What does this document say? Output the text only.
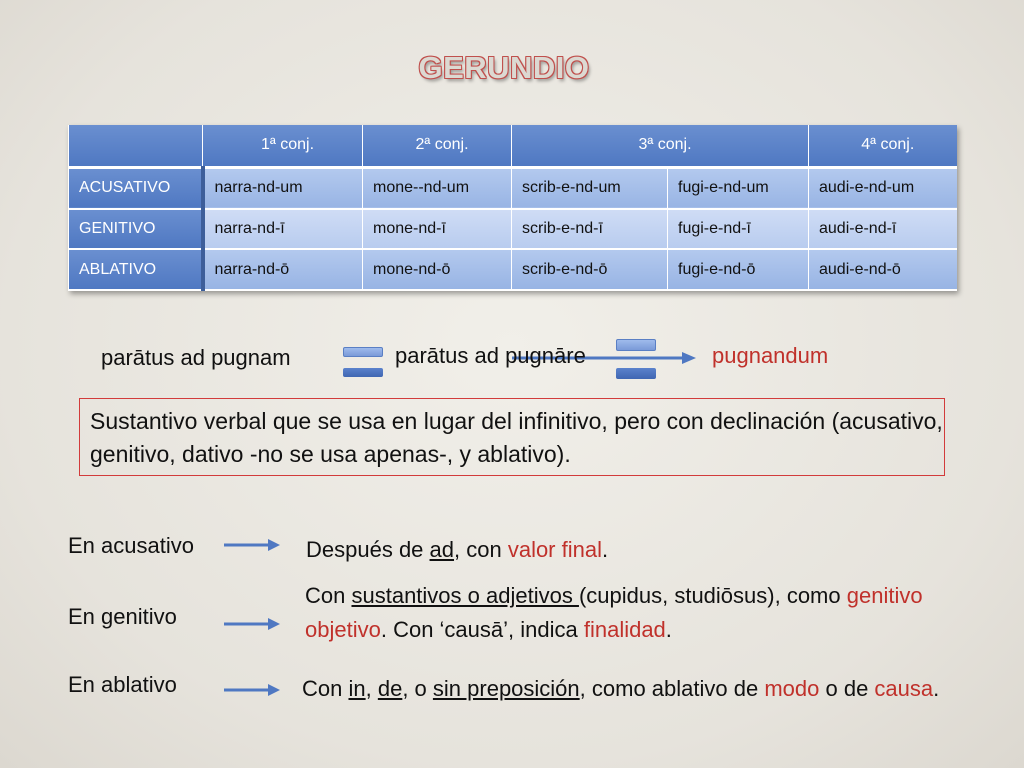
GERUNDIO
	1ª conj.	2ª conj.	3ª conj.		4ª conj.
ACUSATIVO	narra-nd-um	mone--nd-um	scrib-e-nd-um	fugi-e-nd-um	audi-e-nd-um
GENITIVO	narra-nd-ī	mone-nd-ī	scrib-e-nd-ī	fugi-e-nd-ī	audi-e-nd-ī
ABLATIVO	narra-nd-ō	mone-nd-ō	scrib-e-nd-ō	fugi-e-nd-ō	audi-e-nd-ō
parātus ad pugnam	parātus ad pugnāre	pugnandum
Sustantivo verbal que se usa en lugar del infinitivo, pero con declinación (acusativo, genitivo, dativo -no se usa apenas-, y ablativo).
En acusativo	Después de ad, con valor final.
En genitivo
Con sustantivos o adjetivos (cupidus, studiōsus), como genitivo objetivo. Con ‘causā’, indica finalidad.
En ablativo	Con in, de, o sin preposición, como ablativo de modo o de causa.
